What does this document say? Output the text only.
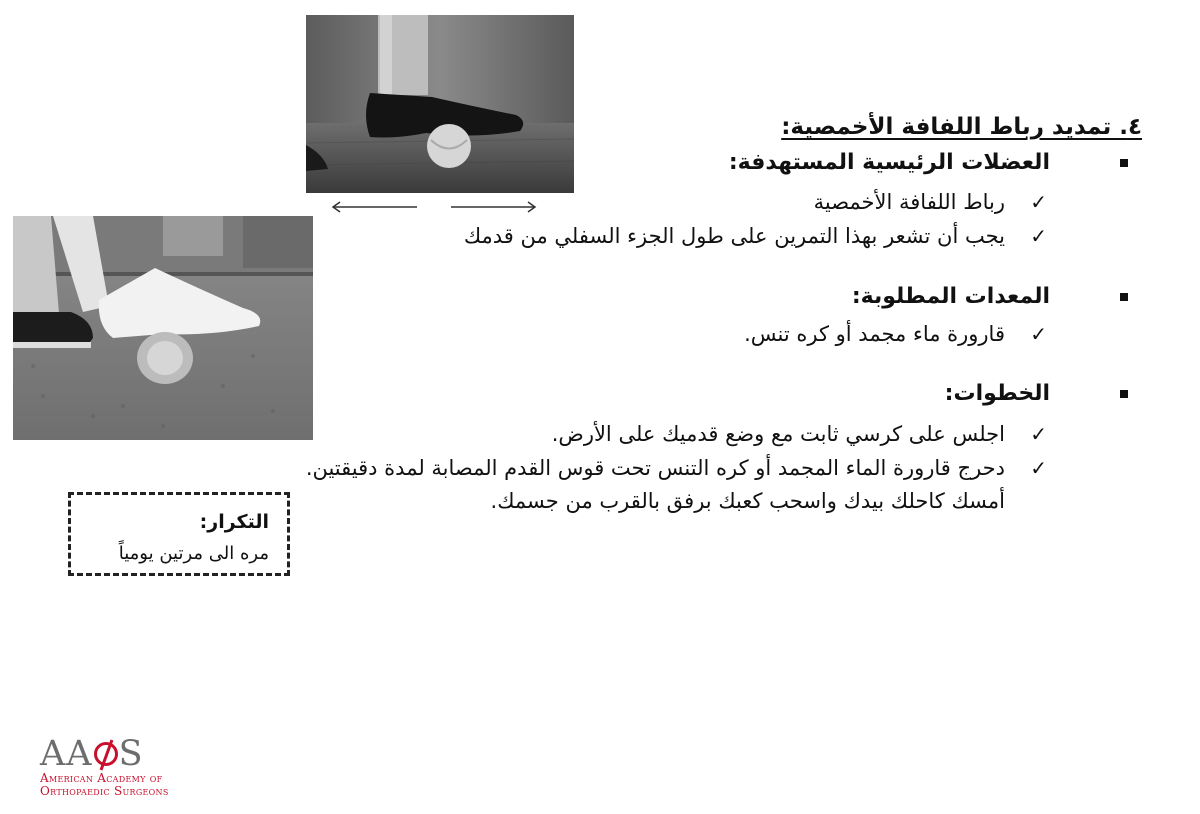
٤. تمديد رباط اللفافة الأخمصية:
العضلات الرئيسية المستهدفة:
✓
رباط اللفافة الأخمصية
✓
يجب أن تشعر بهذا التمرين على طول الجزء السفلي من قدمك
المعدات المطلوبة:
✓
قارورة ماء مجمد أو كره تنس.
الخطوات:
✓
اجلس على كرسي ثابت مع وضع قدميك على الأرض.
✓
دحرج قارورة الماء المجمد أو كره التنس تحت قوس القدم المصابة لمدة دقيقتين.
أمسك كاحلك بيدك واسحب كعبك برفق بالقرب من جسمك.
التكرار:
مره الى مرتين يومياً
AA S
American Academy of
Orthopaedic Surgeons
